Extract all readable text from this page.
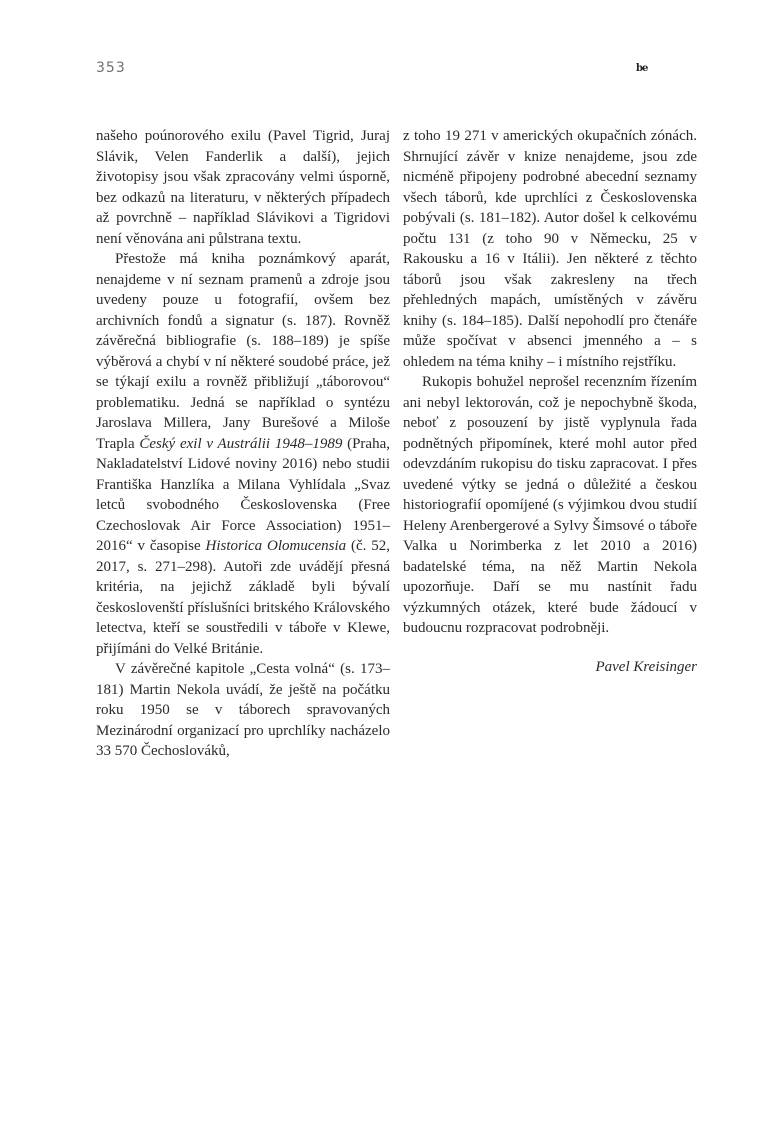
353	be

našeho poúnorového exilu (Pavel Tigrid, Juraj Slávik, Velen Fanderlik a další), jejich životopisy jsou však zpracovány velmi úsporně, bez odkazů na literaturu, v některých případech až povrchně – například Slávikovi a Tigridovi není věnována ani půlstrana textu.

Přestože má kniha poznámkový aparát, nenajdeme v ní seznam pramenů a zdroje jsou uvedeny pouze u fotografií, ovšem bez archivních fondů a signatur (s. 187). Rovněž závěrečná bibliografie (s. 188–189) je spíše výběrová a chybí v ní některé soudobé práce, jež se týkají exilu a rovněž přibližují „táborovou“ problematiku. Jedná se například o syntézu Jaroslava Millera, Jany Burešové a Miloše Trapla Český exil v Austrálii 1948–1989 (Praha, Nakladatelství Lidové noviny 2016) nebo studii Františka Hanzlíka a Milana Vyhlídala „Svaz letců svobodného Československa (Free Czechoslovak Air Force Association) 1951–2016“ v časopise Historica Olomucensia (č. 52, 2017, s. 271–298). Autoři zde uvádějí přesná kritéria, na jejichž základě byli bývalí českoslovenští příslušníci britského Královského letectva, kteří se soustředili v táboře v Klewe, přijímáni do Velké Británie.

V závěrečné kapitole „Cesta volná“ (s. 173–181) Martin Nekola uvádí, že ještě na počátku roku 1950 se v táborech spravovaných Mezinárodní organizací pro uprchlíky nacházelo 33 570 Čechoslováků,

z toho 19 271 v amerických okupačních zónách. Shrnující závěr v knize nenajdeme, jsou zde nicméně připojeny podrobné abecední seznamy všech táborů, kde uprchlíci z Československa pobývali (s. 181–182). Autor došel k celkovému počtu 131 (z toho 90 v Německu, 25 v Rakousku a 16 v Itálii). Jen některé z těchto táborů jsou však zakresleny na třech přehledných mapách, umístěných v závěru knihy (s. 184–185). Další nepohodlí pro čtenáře může spočívat v absenci jmenného a – s ohledem na téma knihy – i místního rejstříku.

Rukopis bohužel neprošel recenzním řízením ani nebyl lektorován, což je nepochybně škoda, neboť z posouzení by jistě vyplynula řada podnětných připomínek, které mohl autor před odevzdáním rukopisu do tisku zapracovat. I přes uvedené výtky se jedná o důležité a českou historiografií opomíjené (s výjimkou dvou studií Heleny Arenbergerové a Sylvy Šimsové o táboře Valka u Norimberka z let 2010 a 2016) badatelské téma, na něž Martin Nekola upozorňuje. Daří se mu nastínit řadu výzkumných otázek, které bude žádoucí v budoucnu rozpracovat podrobněji.

Pavel Kreisinger
